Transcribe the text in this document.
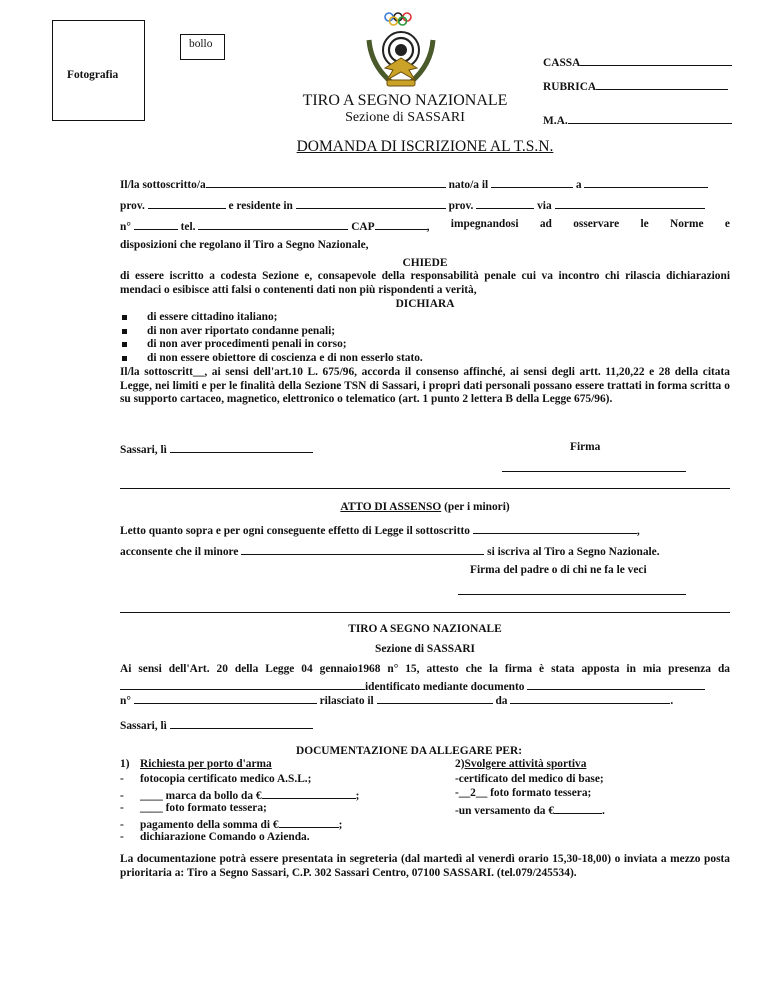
Fotografia
bollo
CASSA
RUBRICA
M.A.
TIRO A SEGNO NAZIONALE
Sezione di SASSARI
DOMANDA DI ISCRIZIONE AL T.S.N.
Il/la sottoscritto/a	nato/a il	a
prov.	e residente in	prov.	via
n°	tel.	CAP	, impegnandosi ad osservare le Norme e
disposizioni che regolano il Tiro a Segno Nazionale,
CHIEDE
di essere iscritto a codesta Sezione e, consapevole della responsabilità penale cui va incontro chi rilascia dichiarazioni mendaci o esibisce atti falsi o contenenti dati non più rispondenti a verità,
DICHIARA
di essere cittadino italiano;
di non aver riportato condanne penali;
di non aver procedimenti penali in corso;
di non essere obiettore di coscienza e di non esserlo stato.
Il/la sottoscritt__, ai sensi dell'art.10 L. 675/96, accorda il consenso affinché, ai sensi degli artt. 11,20,22 e 28 della citata Legge, nei limiti e per le finalità della Sezione TSN di Sassari, i propri dati personali possano essere trattati in forma scritta o su supporto cartaceo, magnetico, elettronico o telematico (art. 1 punto 2 lettera B della Legge 675/96).
Sassari, lì	Firma
ATTO DI ASSENSO (per i minori)
Letto quanto sopra e per ogni conseguente effetto di Legge il sottoscritto	,
acconsente che il minore	si iscriva al Tiro a Segno Nazionale.
Firma del padre o di chi ne fa le veci
TIRO A SEGNO NAZIONALE
Sezione di SASSARI
Ai sensi dell'Art. 20 della Legge 04 gennaio1968 n° 15, attesto che la firma è stata apposta in mia presenza da
identificato mediante documento
n°	rilasciato il	da	.
Sassari, lì
DOCUMENTAZIONE DA ALLEGARE PER:
1) Richiesta per porto d'arma
- fotocopia certificato medico A.S.L.;
- ____ marca da bollo da €	;
- ____ foto formato tessera;
- pagamento della somma di €	;
- dichiarazione Comando o Azienda.
2)Svolgere attività sportiva
-certificato del medico di base;
-__2__ foto formato tessera;
-un versamento da €	.
La documentazione potrà essere presentata in segreteria (dal martedì al venerdì orario 15,30-18,00) o inviata a mezzo posta prioritaria a: Tiro a Segno Sassari, C.P. 302 Sassari Centro, 07100 SASSARI. (tel.079/245534).
